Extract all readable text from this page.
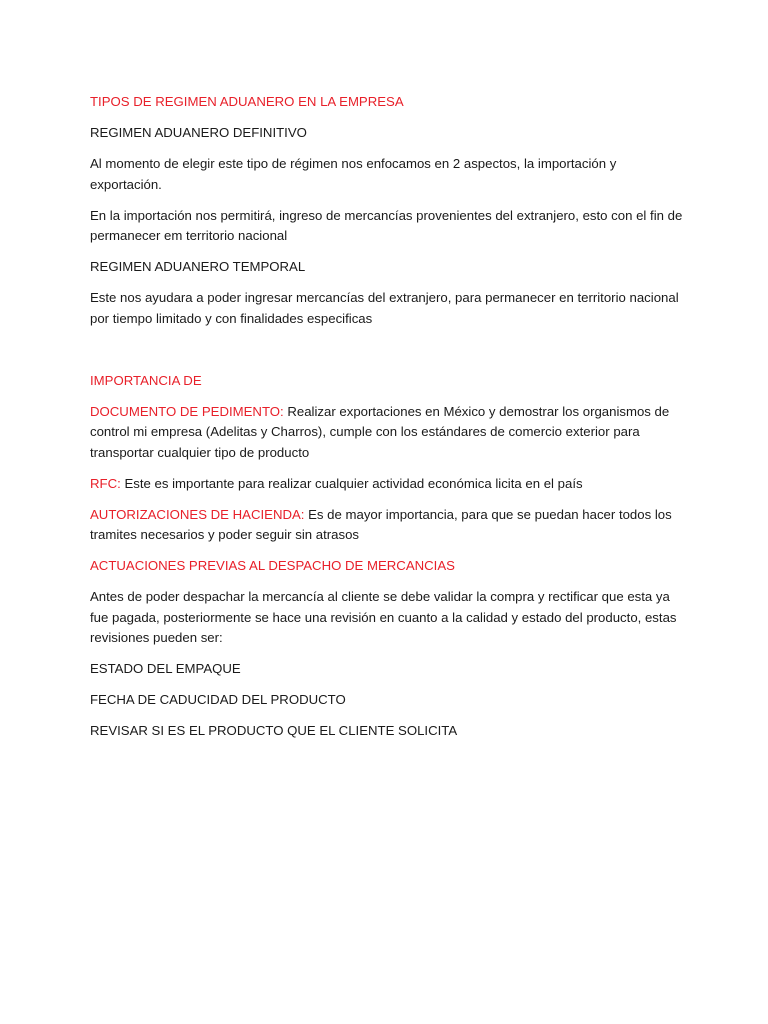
TIPOS DE REGIMEN ADUANERO EN LA EMPRESA

REGIMEN ADUANERO DEFINITIVO

Al momento de elegir este tipo de régimen nos enfocamos en 2 aspectos, la importación y exportación.

En la importación nos permitirá, ingreso de mercancías provenientes del extranjero, esto con el fin de permanecer em territorio nacional

REGIMEN ADUANERO TEMPORAL

Este nos ayudara a poder ingresar mercancías del extranjero, para permanecer en territorio nacional por tiempo limitado y con finalidades especificas

IMPORTANCIA DE

DOCUMENTO DE PEDIMENTO: Realizar exportaciones en México y demostrar los organismos de control mi empresa (Adelitas y Charros), cumple con los estándares de comercio exterior para transportar cualquier tipo de producto

RFC: Este es importante para realizar cualquier actividad económica licita en el país

AUTORIZACIONES DE HACIENDA: Es de mayor importancia, para que se puedan hacer todos los tramites necesarios y poder seguir sin atrasos

ACTUACIONES PREVIAS AL DESPACHO DE MERCANCIAS

Antes de poder despachar la mercancía al cliente se debe validar la compra y rectificar que esta ya fue pagada, posteriormente se hace una revisión en cuanto a la calidad y estado del producto, estas revisiones pueden ser:

ESTADO DEL EMPAQUE

FECHA DE CADUCIDAD DEL PRODUCTO

REVISAR SI ES EL PRODUCTO QUE EL CLIENTE SOLICITA
